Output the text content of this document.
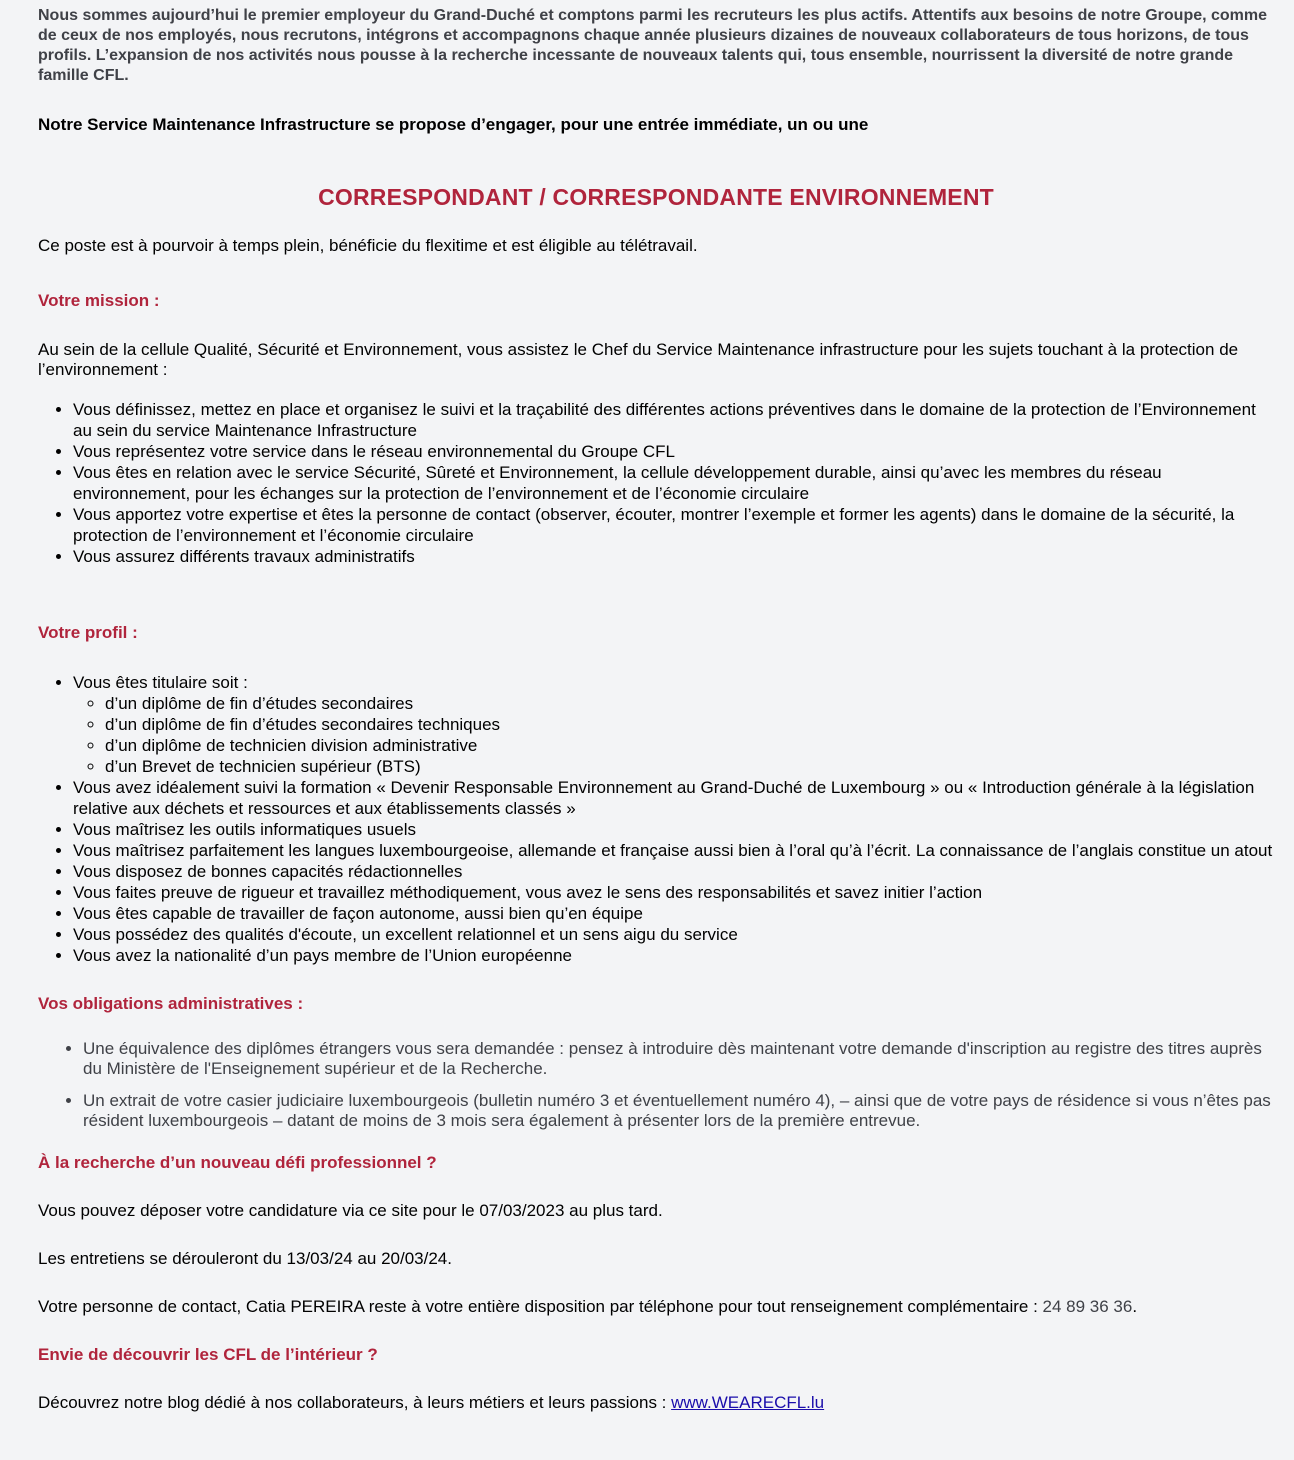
Nous sommes aujourd’hui le premier employeur du Grand-Duché et comptons parmi les recruteurs les plus actifs. Attentifs aux besoins de notre Groupe, comme de ceux de nos employés, nous recrutons, intégrons et accompagnons chaque année plusieurs dizaines de nouveaux collaborateurs de tous horizons, de tous profils. L’expansion de nos activités nous pousse à la recherche incessante de nouveaux talents qui, tous ensemble, nourrissent la diversité de notre grande famille CFL.

Notre Service Maintenance Infrastructure se propose d’engager, pour une entrée immédiate, un ou une

CORRESPONDANT / CORRESPONDANTE ENVIRONNEMENT

Ce poste est à pourvoir à temps plein, bénéficie du flexitime et est éligible au télétravail.

Votre mission :

Au sein de la cellule Qualité, Sécurité et Environnement, vous assistez le Chef du Service Maintenance infrastructure pour les sujets touchant à la protection de l’environnement :

• Vous définissez, mettez en place et organisez le suivi et la traçabilité des différentes actions préventives dans le domaine de la protection de l’Environnement au sein du service Maintenance Infrastructure
• Vous représentez votre service dans le réseau environnemental du Groupe CFL
• Vous êtes en relation avec le service Sécurité, Sûreté et Environnement, la cellule développement durable, ainsi qu’avec les membres du réseau environnement, pour les échanges sur la protection de l’environnement et de l’économie circulaire
• Vous apportez votre expertise et êtes la personne de contact (observer, écouter, montrer l’exemple et former les agents) dans le domaine de la sécurité, la protection de l’environnement et l’économie circulaire
• Vous assurez différents travaux administratifs
Votre profil :
• Vous êtes titulaire soit :
◦ d’un diplôme de fin d’études secondaires
◦ d’un diplôme de fin d’études secondaires techniques
◦ d’un diplôme de technicien division administrative
◦ d’un Brevet de technicien supérieur (BTS)
• Vous avez idéalement suivi la formation « Devenir Responsable Environnement au Grand-Duché de Luxembourg » ou « Introduction générale à la législation relative aux déchets et ressources et aux établissements classés »
• Vous maîtrisez les outils informatiques usuels
• Vous maîtrisez parfaitement les langues luxembourgeoise, allemande et française aussi bien à l’oral qu’à l’écrit. La connaissance de l’anglais constitue un atout
• Vous disposez de bonnes capacités rédactionnelles
• Vous faites preuve de rigueur et travaillez méthodiquement, vous avez le sens des responsabilités et savez initier l’action
• Vous êtes capable de travailler de façon autonome, aussi bien qu’en équipe
• Vous possédez des qualités d'écoute, un excellent relationnel et un sens aigu du service
• Vous avez la nationalité d’un pays membre de l’Union européenne
Vos obligations administratives :
• Une équivalence des diplômes étrangers vous sera demandée : pensez à introduire dès maintenant votre demande d'inscription au registre des titres auprès du Ministère de l'Enseignement supérieur et de la Recherche.
• Un extrait de votre casier judiciaire luxembourgeois (bulletin numéro 3 et éventuellement numéro 4), – ainsi que de votre pays de résidence si vous n’êtes pas résident luxembourgeois – datant de moins de 3 mois sera également à présenter lors de la première entrevue.
À la recherche d’un nouveau défi professionnel ?

Vous pouvez déposer votre candidature via ce site pour le 07/03/2023 au plus tard.

Les entretiens se dérouleront du 13/03/24 au 20/03/24.

Votre personne de contact, Catia PEREIRA reste à votre entière disposition par téléphone pour tout renseignement complémentaire : 24 89 36 36.

Envie de découvrir les CFL de l’intérieur ?

Découvrez notre blog dédié à nos collaborateurs, à leurs métiers et leurs passions : www.WEARECFL.lu
